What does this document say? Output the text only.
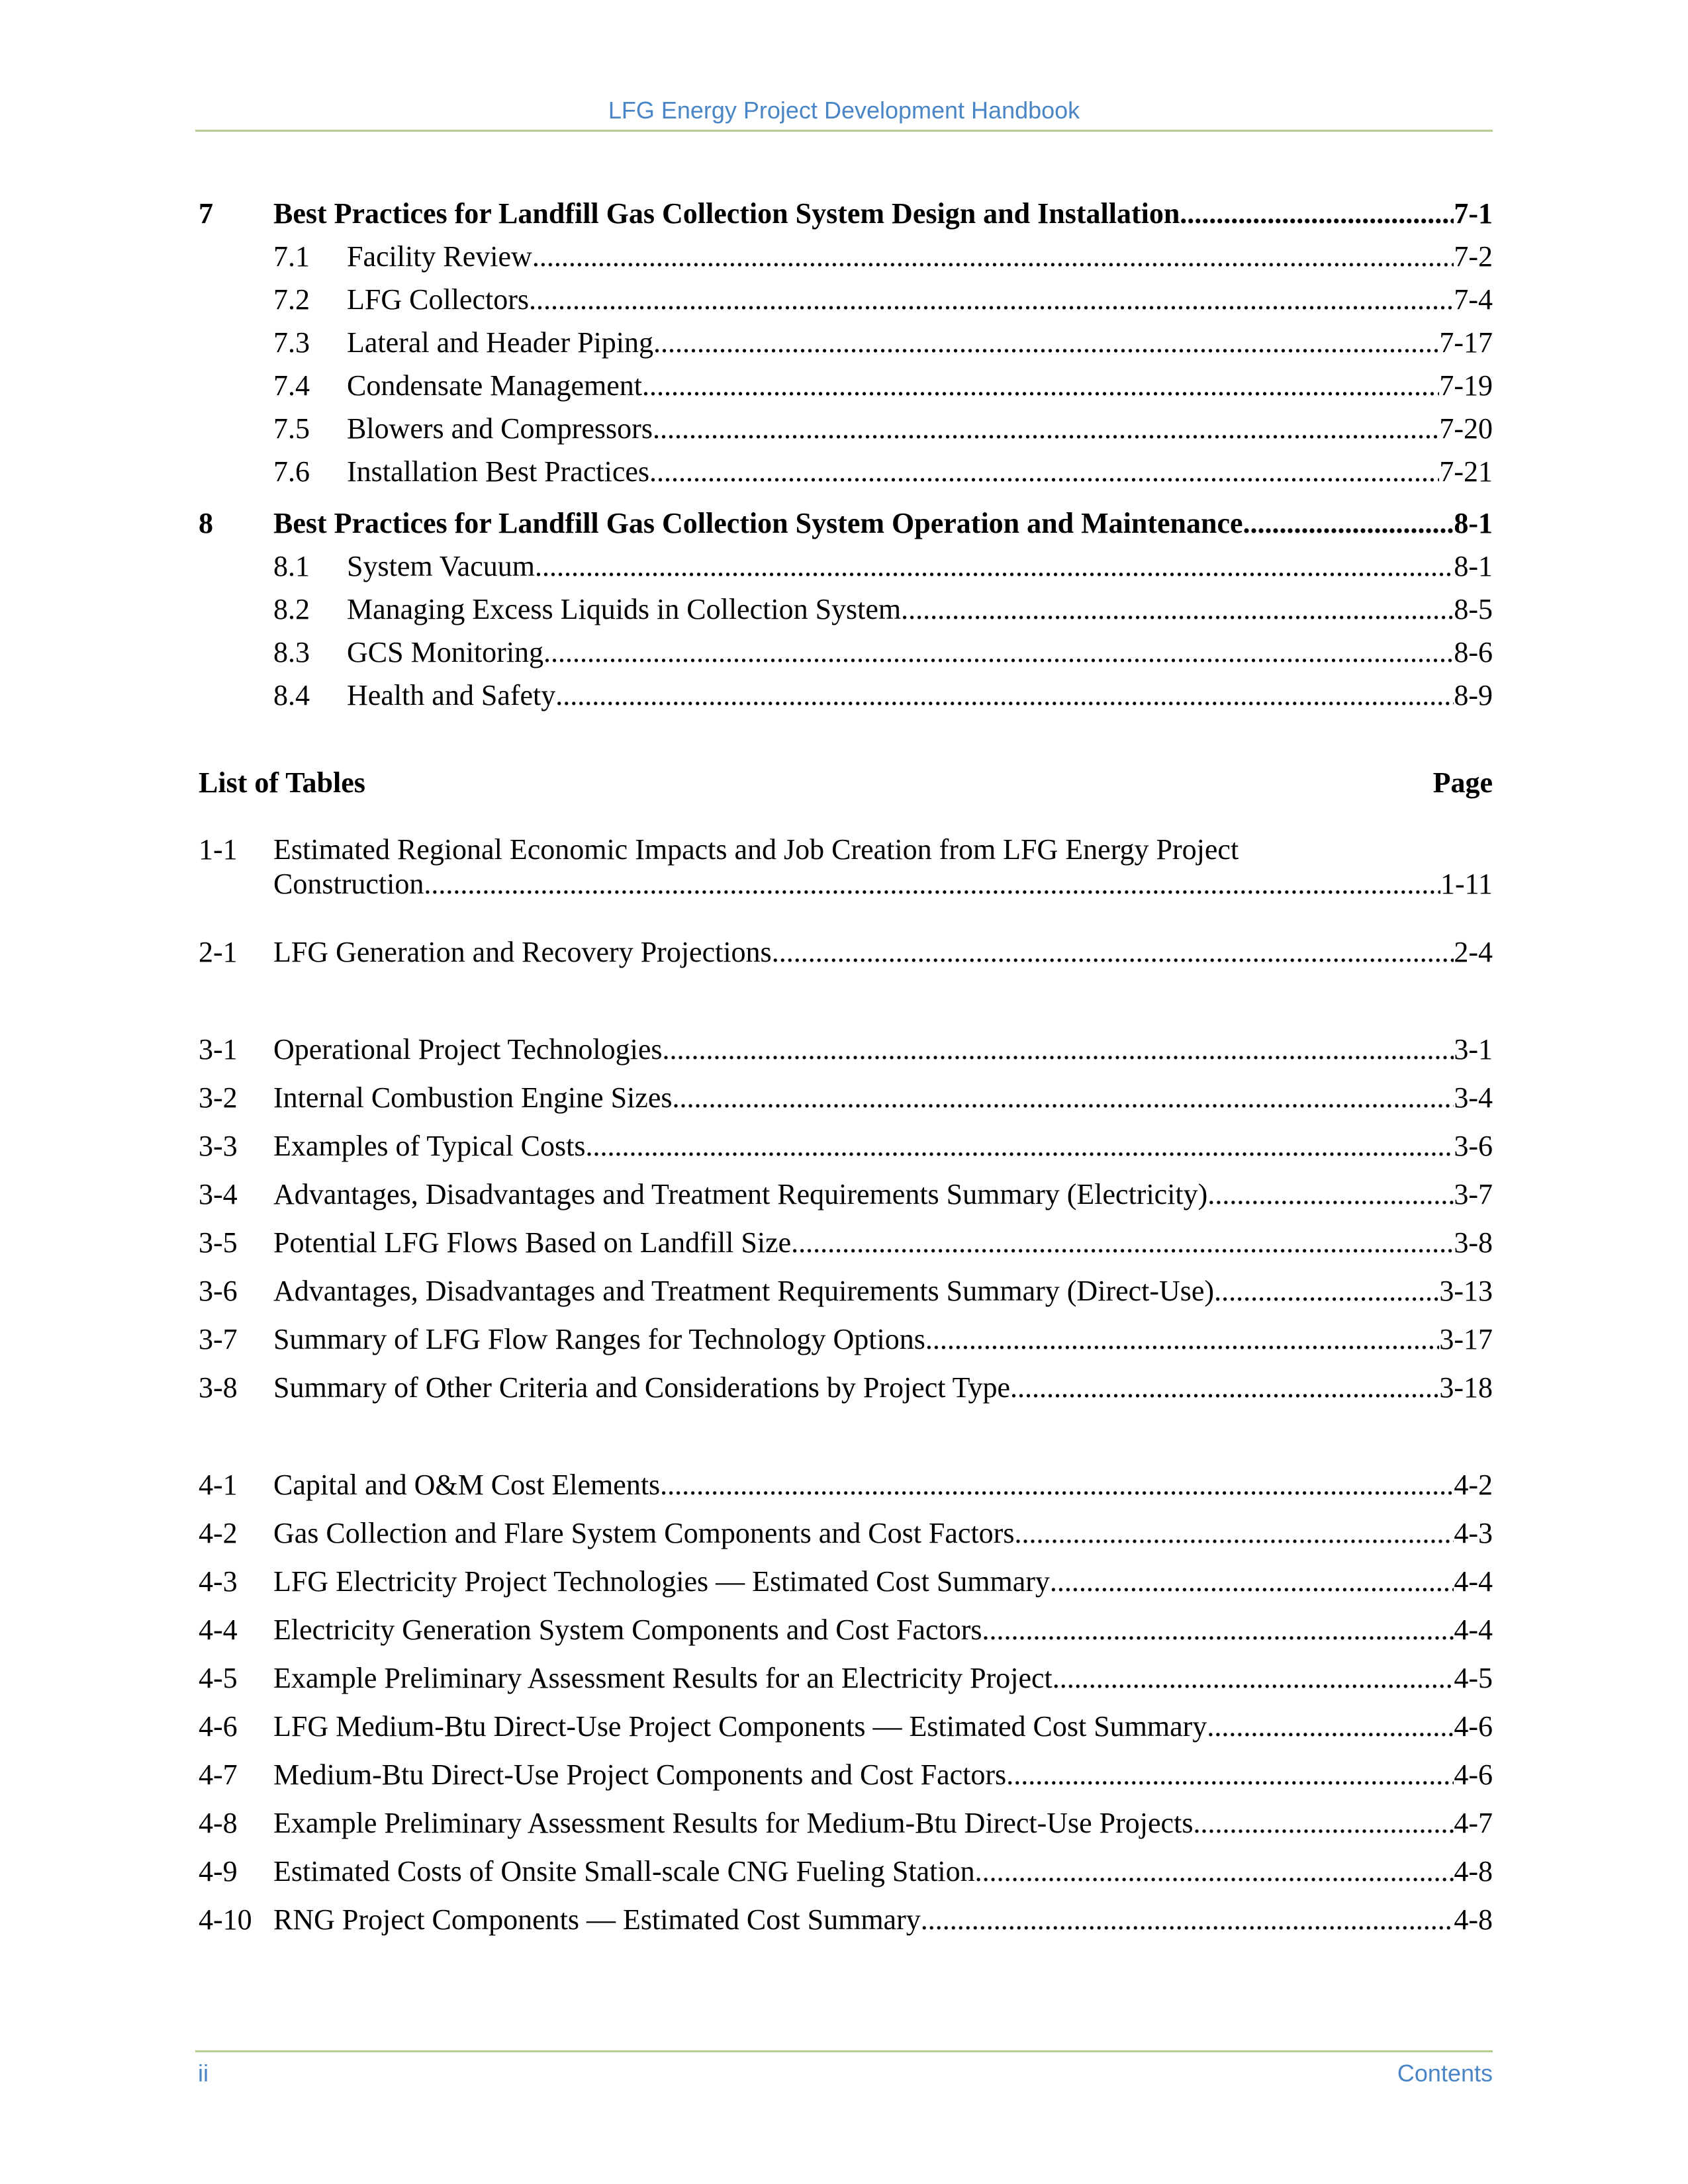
LFG Energy Project Development Handbook
7 Best Practices for Landfill Gas Collection System Design and Installation .....	7-1
7.1 Facility Review .....	7-2
7.2 LFG Collectors .....	7-4
7.3 Lateral and Header Piping .....	7-17
7.4 Condensate Management .....	7-19
7.5 Blowers and Compressors .....	7-20
7.6 Installation Best Practices .....	7-21
8 Best Practices for Landfill Gas Collection System Operation and Maintenance .....	8-1
8.1 System Vacuum .....	8-1
8.2 Managing Excess Liquids in Collection System .....	8-5
8.3 GCS Monitoring .....	8-6
8.4 Health and Safety .....	8-9
List of Tables	Page
1-1 Estimated Regional Economic Impacts and Job Creation from LFG Energy Project
Construction .....	1-11
2-1 LFG Generation and Recovery Projections .....	2-4
3-1 Operational Project Technologies .....	3-1
3-2 Internal Combustion Engine Sizes .....	3-4
3-3 Examples of Typical Costs .....	3-6
3-4 Advantages, Disadvantages and Treatment Requirements Summary (Electricity) .....	3-7
3-5 Potential LFG Flows Based on Landfill Size .....	3-8
3-6 Advantages, Disadvantages and Treatment Requirements Summary (Direct-Use) .....	3-13
3-7 Summary of LFG Flow Ranges for Technology Options .....	3-17
3-8 Summary of Other Criteria and Considerations by Project Type .....	3-18
4-1 Capital and O&M Cost Elements .....	4-2
4-2 Gas Collection and Flare System Components and Cost Factors .....	4-3
4-3 LFG Electricity Project Technologies — Estimated Cost Summary .....	4-4
4-4 Electricity Generation System Components and Cost Factors .....	4-4
4-5 Example Preliminary Assessment Results for an Electricity Project .....	4-5
4-6 LFG Medium-Btu Direct-Use Project Components — Estimated Cost Summary .....	4-6
4-7 Medium-Btu Direct-Use Project Components and Cost Factors .....	4-6
4-8 Example Preliminary Assessment Results for Medium-Btu Direct-Use Projects .....	4-7
4-9 Estimated Costs of Onsite Small-scale CNG Fueling Station .....	4-8
4-10 RNG Project Components — Estimated Cost Summary .....	4-8
ii	Contents
